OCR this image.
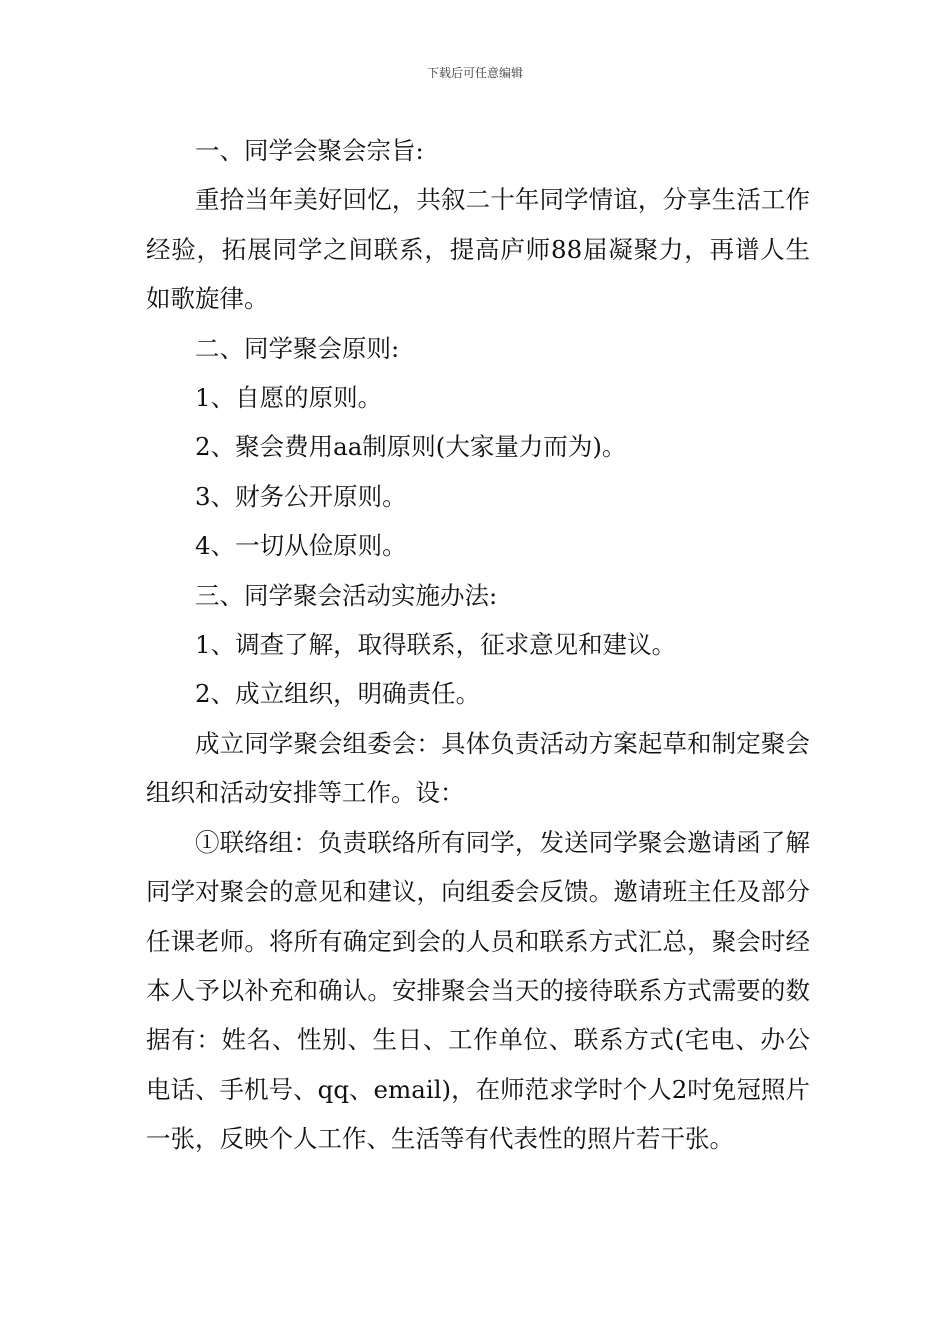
下载后可任意编辑

一、同学会聚会宗旨:

重拾当年美好回忆，共叙二十年同学情谊，分享生活工作经验，拓展同学之间联系，提高庐师88届凝聚力，再谱人生如歌旋律。

二、同学聚会原则:

1、自愿的原则。

2、聚会费用aa制原则(大家量力而为)。

3、财务公开原则。

4、一切从俭原则。

三、同学聚会活动实施办法:

1、调查了解，取得联系，征求意见和建议。

2、成立组织，明确责任。

成立同学聚会组委会：具体负责活动方案起草和制定聚会组织和活动安排等工作。设：

①联络组：负责联络所有同学，发送同学聚会邀请函了解同学对聚会的意见和建议，向组委会反馈。邀请班主任及部分任课老师。将所有确定到会的人员和联系方式汇总，聚会时经本人予以补充和确认。安排聚会当天的接待联系方式需要的数据有：姓名、性别、生日、工作单位、联系方式(宅电、办公电话、手机号、qq、email)，在师范求学时个人2吋免冠照片一张，反映个人工作、生活等有代表性的照片若干张。
